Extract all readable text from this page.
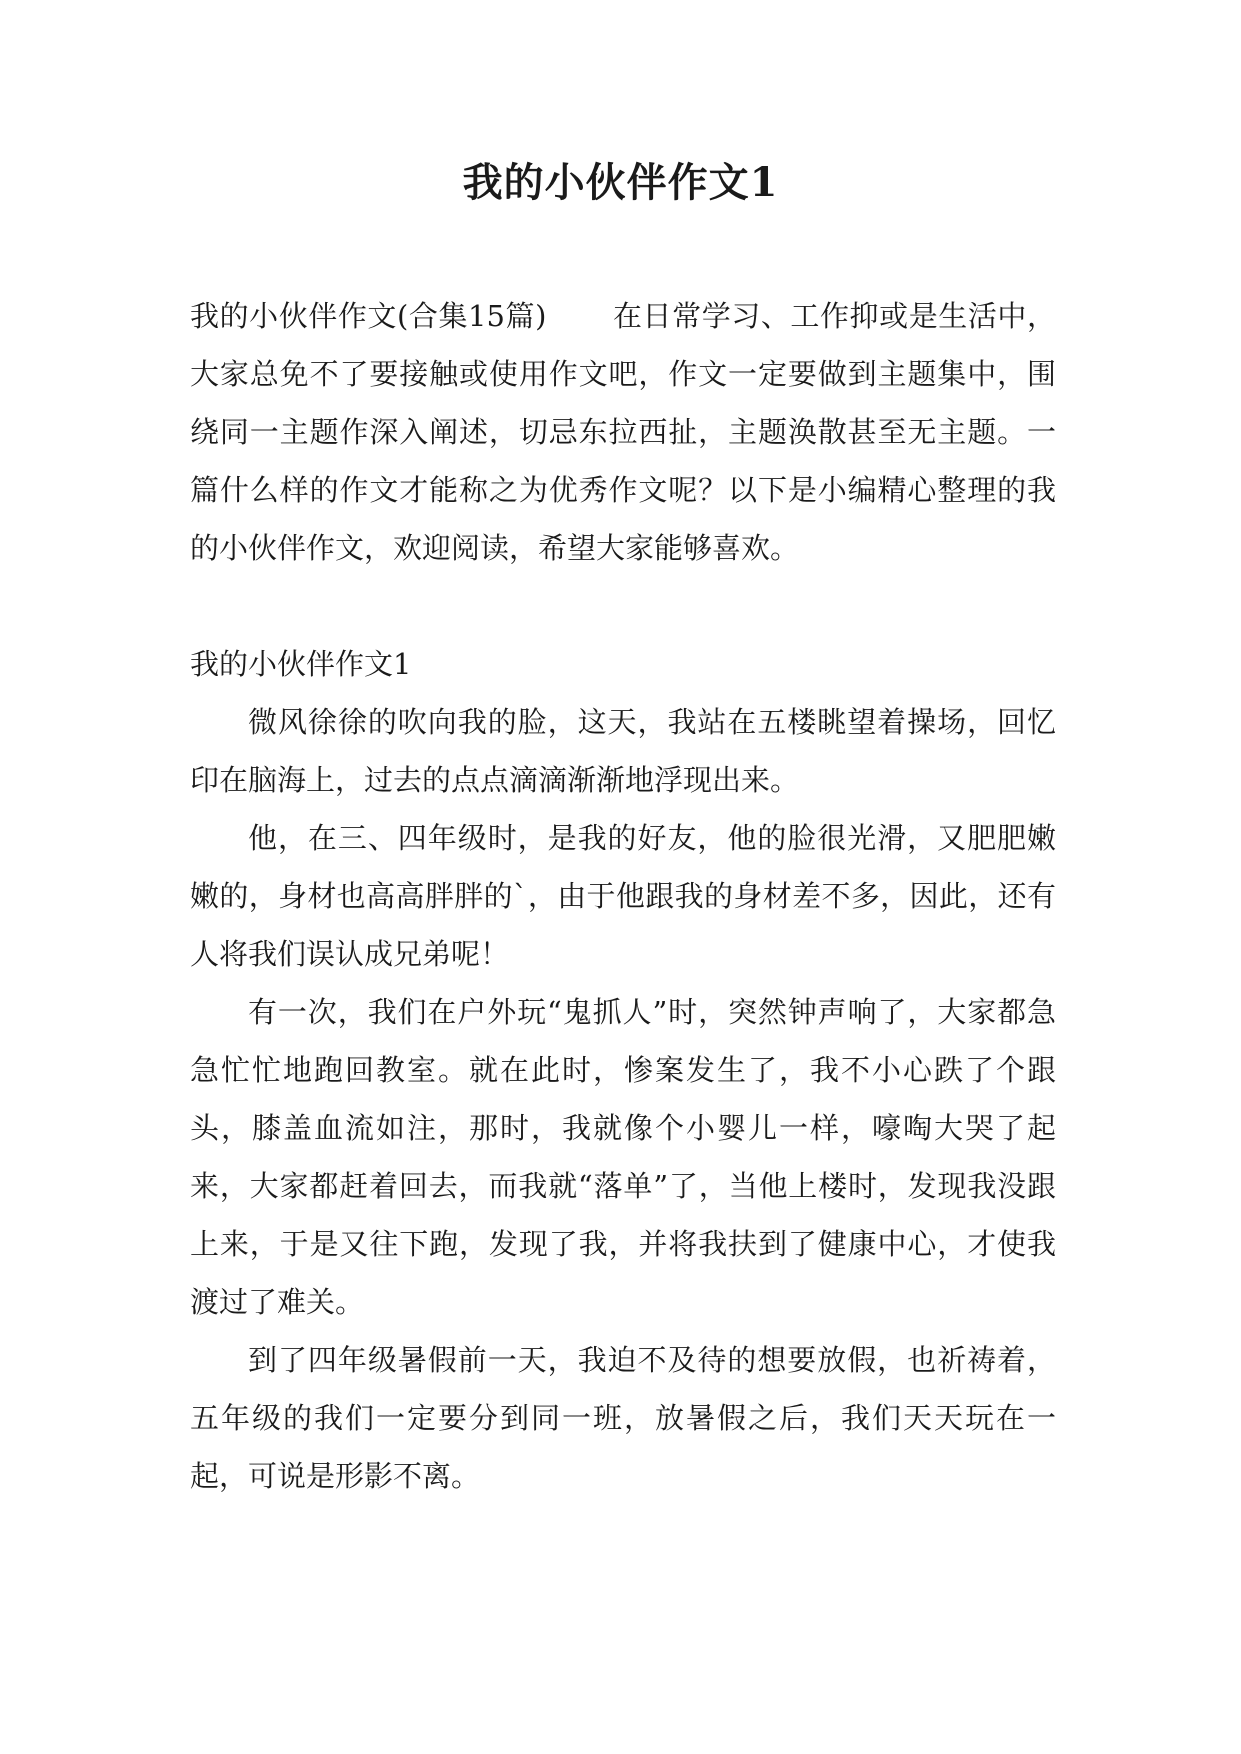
我的小伙伴作文1

我的小伙伴作文(合集15篇) 在日常学习、工作抑或是生活中，大家总免不了要接触或使用作文吧，作文一定要做到主题集中，围绕同一主题作深入阐述，切忌东拉西扯，主题涣散甚至无主题。一篇什么样的作文才能称之为优秀作文呢？以下是小编精心整理的我的小伙伴作文，欢迎阅读，希望大家能够喜欢。

我的小伙伴作文1

微风徐徐的吹向我的脸，这天，我站在五楼眺望着操场，回忆印在脑海上，过去的点点滴滴渐渐地浮现出来。

他，在三、四年级时，是我的好友，他的脸很光滑，又肥肥嫩嫩的，身材也高高胖胖的`，由于他跟我的身材差不多，因此，还有人将我们误认成兄弟呢！

有一次，我们在户外玩“鬼抓人”时，突然钟声响了，大家都急急忙忙地跑回教室。就在此时，惨案发生了，我不小心跌了个跟头，膝盖血流如注，那时，我就像个小婴儿一样，嚎啕大哭了起来，大家都赶着回去，而我就“落单”了，当他上楼时，发现我没跟上来，于是又往下跑，发现了我，并将我扶到了健康中心，才使我渡过了难关。

到了四年级暑假前一天，我迫不及待的想要放假，也祈祷着，五年级的我们一定要分到同一班，放暑假之后，我们天天玩在一起，可说是形影不离。
